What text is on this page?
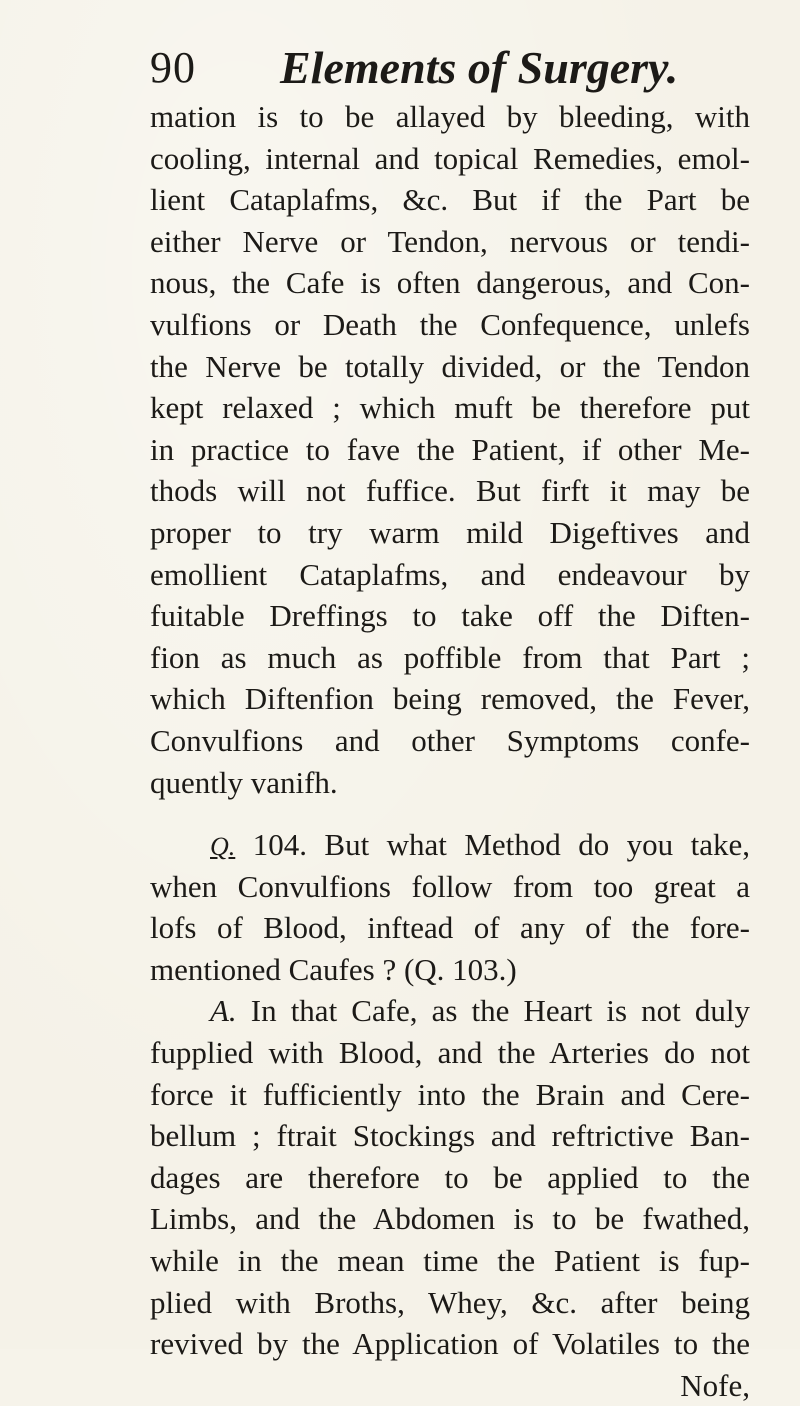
90 Elements of Surgery.
mation is to be allayed by bleeding, with
cooling, internal and topical Remedies, emol-
lient Cataplafms, &c. But if the Part be
either Nerve or Tendon, nervous or tendi-
nous, the Cafe is often dangerous, and Con-
vulfions or Death the Confequence, unlefs
the Nerve be totally divided, or the Tendon
kept relaxed ; which muft be therefore put
in practice to fave the Patient, if other Me-
thods will not fuffice. But firft it may be
proper to try warm mild Digeftives and
emollient Cataplafms, and endeavour by
fuitable Dreffings to take off the Diften-
fion as much as poffible from that Part ;
which Diftenfion being removed, the Fever,
Convulfions and other Symptoms confe-
quently vanifh.
Q. 104. But what Method do you take,
when Convulfions follow from too great a
lofs of Blood, inftead of any of the fore-
mentioned Caufes ? (Q. 103.)
A. In that Cafe, as the Heart is not duly
fupplied with Blood, and the Arteries do not
force it fufficiently into the Brain and Cere-
bellum ; ftrait Stockings and reftrictive Ban-
dages are therefore to be applied to the
Limbs, and the Abdomen is to be fwathed,
while in the mean time the Patient is fup-
plied with Broths, Whey, &c. after being
revived by the Application of Volatiles to the
Nofe,
